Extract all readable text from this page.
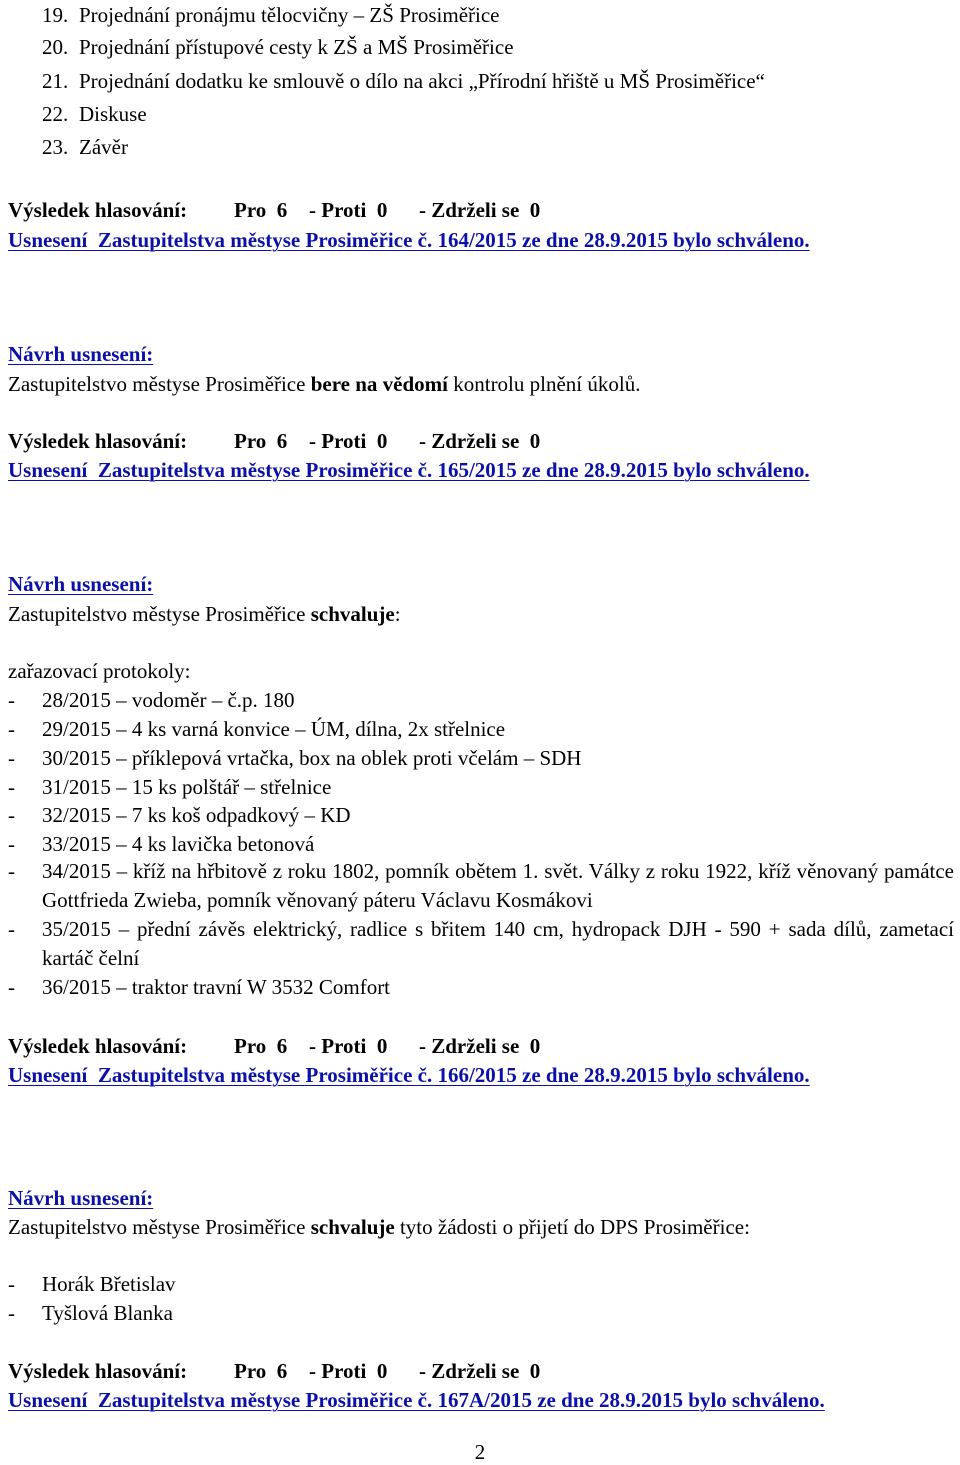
19. Projednání pronájmu tělocvičny – ZŠ Prosiměřice
20. Projednání přístupové cesty k ZŠ a MŠ Prosiměřice
21. Projednání dodatku ke smlouvě o dílo na akci „Přírodní hřiště u MŠ Prosiměřice“
22. Diskuse
23. Závěr
Výsledek hlasování: Pro  6 - Proti  0 - Zdrželi se  0
Usnesení  Zastupitelstva městyse Prosiměřice č. 164/2015 ze dne 28.9.2015 bylo schváleno.
Návrh usnesení:
Zastupitelstvo městyse Prosiměřice bere na vědomí kontrolu plnění úkolů.
Výsledek hlasování: Pro  6 - Proti  0 - Zdrželi se  0
Usnesení  Zastupitelstva městyse Prosiměřice č. 165/2015 ze dne 28.9.2015 bylo schváleno.
Návrh usnesení:
Zastupitelstvo městyse Prosiměřice schvaluje:
zařazovací protokoly:
- 28/2015 – vodoměr – č.p. 180
- 29/2015 – 4 ks varná konvice – ÚM, dílna, 2x střelnice
- 30/2015 – příklepová vrtačka, box na oblek proti včelám – SDH
- 31/2015 – 15 ks polštář – střelnice
- 32/2015 – 7 ks koš odpadkový – KD
- 33/2015 – 4 ks lavička betonová
- 34/2015 – kříž na hřbitově z roku 1802, pomník obětem 1. svět. Války z roku 1922, kříž věnovaný památce Gottfrieda Zwieba, pomník věnovaný páteru Václavu Kosmákovi
- 35/2015 – přední závěs elektrický, radlice s břitem 140 cm, hydropack DJH - 590 + sada dílů, zametací kartáč čelní
- 36/2015 – traktor travní W 3532 Comfort
Výsledek hlasování: Pro  6 - Proti  0 - Zdrželi se  0
Usnesení  Zastupitelstva městyse Prosiměřice č. 166/2015 ze dne 28.9.2015 bylo schváleno.
Návrh usnesení:
Zastupitelstvo městyse Prosiměřice schvaluje tyto žádosti o přijetí do DPS Prosiměřice:
- Horák Břetislav
- Tyšlová Blanka
Výsledek hlasování: Pro  6 - Proti  0 - Zdrželi se  0
Usnesení  Zastupitelstva městyse Prosiměřice č. 167A/2015 ze dne 28.9.2015 bylo schváleno.
2
